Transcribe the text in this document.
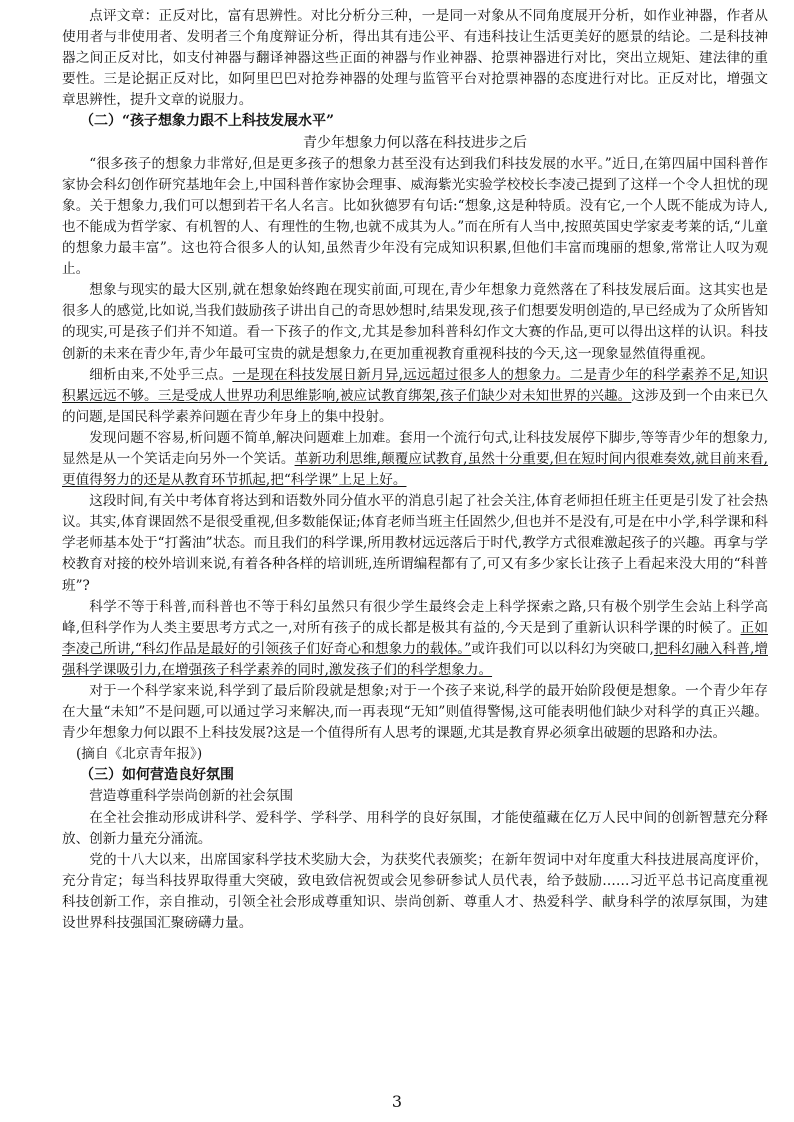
点评文章：正反对比，富有思辨性。对比分析分三种，一是同一对象从不同角度展开分析，如作业神器，作者从使用者与非使用者、发明者三个角度辩证分析，得出其有违公平、有违科技让生活更美好的愿景的结论。二是科技神器之间正反对比，如支付神器与翻译神器这些正面的神器与作业神器、抢票神器进行对比，突出立规矩、建法律的重要性。三是论据正反对比，如阿里巴巴对抢券神器的处理与监管平台对抢票神器的态度进行对比。正反对比，增强文章思辨性，提升文章的说服力。

（二）“孩子想象力跟不上科技发展水平”
青少年想象力何以落在科技进步之后

“很多孩子的想象力非常好,但是更多孩子的想象力甚至没有达到我们科技发展的水平。”近日,在第四届中国科普作家协会科幻创作研究基地年会上,中国科普作家协会理事、威海紫光实验学校校长李凌己提到了这样一个令人担忧的现象。关于想象力,我们可以想到若干名人名言。比如狄德罗有句话:“想象,这是种特质。没有它,一个人既不能成为诗人,也不能成为哲学家、有机智的人、有理性的生物,也就不成其为人。”而在所有人当中,按照英国史学家麦考莱的话,“儿童的想象力最丰富”。这也符合很多人的认知,虽然青少年没有完成知识积累,但他们丰富而瑰丽的想象,常常让人叹为观止。

想象与现实的最大区别,就在想象始终跑在现实前面,可现在,青少年想象力竟然落在了科技发展后面。这其实也是很多人的感觉,比如说,当我们鼓励孩子讲出自己的奇思妙想时,结果发现,孩子们想要发明创造的,早已经成为了众所皆知的现实,可是孩子们并不知道。看一下孩子的作文,尤其是参加科普科幻作文大赛的作品,更可以得出这样的认识。科技创新的未来在青少年,青少年最可宝贵的就是想象力,在更加重视教育重视科技的今天,这一现象显然值得重视。

细析由来,不处乎三点。一是现在科技发展日新月异,远远超过很多人的想象力。二是青少年的科学素养不足,知识积累远远不够。三是受成人世界功利思维影响,被应试教育绑架,孩子们缺少对未知世界的兴趣。这涉及到一个由来已久的问题,是国民科学素养问题在青少年身上的集中投射。

发现问题不容易,析问题不简单,解决问题难上加难。套用一个流行句式,让科技发展停下脚步,等等青少年的想象力,显然是从一个笑话走向另外一个笑话。革新功利思维,颠覆应试教育,虽然十分重要,但在短时间内很难奏效,就目前来看,更值得努力的还是从教育环节抓起,把“科学课”上足上好。

这段时间,有关中考体育将达到和语数外同分值水平的消息引起了社会关注,体育老师担任班主任更是引发了社会热议。其实,体育课固然不是很受重视,但多数能保证;体育老师当班主任固然少,但也并不是没有,可是在中小学,科学课和科学老师基本处于“打酱油”状态。而且我们的科学课,所用教材远远落后于时代,教学方式很难激起孩子的兴趣。再拿与学校教育对接的校外培训来说,有着各种各样的培训班,连所谓编程都有了,可又有多少家长让孩子上看起来没大用的“科普班”?

科学不等于科普,而科普也不等于科幻虽然只有很少学生最终会走上科学探索之路,只有极个别学生会站上科学高峰,但科学作为人类主要思考方式之一,对所有孩子的成长都是极其有益的,今天是到了重新认识科学课的时候了。正如李凌己所讲,“科幻作品是最好的引领孩子们好奇心和想象力的载体。”或许我们可以以科幻为突破口,把科幻融入科普,增强科学课吸引力,在增强孩子科学素养的同时,激发孩子们的科学想象力。

对于一个科学家来说,科学到了最后阶段就是想象;对于一个孩子来说,科学的最开始阶段便是想象。一个青少年存在大量“未知”不是问题,可以通过学习来解决,而一再表现“无知”则值得警惕,这可能表明他们缺少对科学的真正兴趣。青少年想象力何以跟不上科技发展?这是一个值得所有人思考的课题,尤其是教育界必须拿出破题的思路和办法。

(摘自《北京青年报》)
（三）如何营造良好氛围

营造尊重科学崇尚创新的社会氛围

在全社会推动形成讲科学、爱科学、学科学、用科学的良好氛围，才能使蕴藏在亿万人民中间的创新智慧充分释放、创新力量充分涌流。

党的十八大以来，出席国家科学技术奖励大会，为获奖代表颁奖；在新年贺词中对年度重大科技进展高度评价，充分肯定；每当科技界取得重大突破，致电致信祝贺或会见参研参试人员代表，给予鼓励……习近平总书记高度重视科技创新工作，亲自推动，引领全社会形成尊重知识、崇尚创新、尊重人才、热爱科学、献身科学的浓厚氛围，为建设世界科技强国汇聚磅礴力量。

3
